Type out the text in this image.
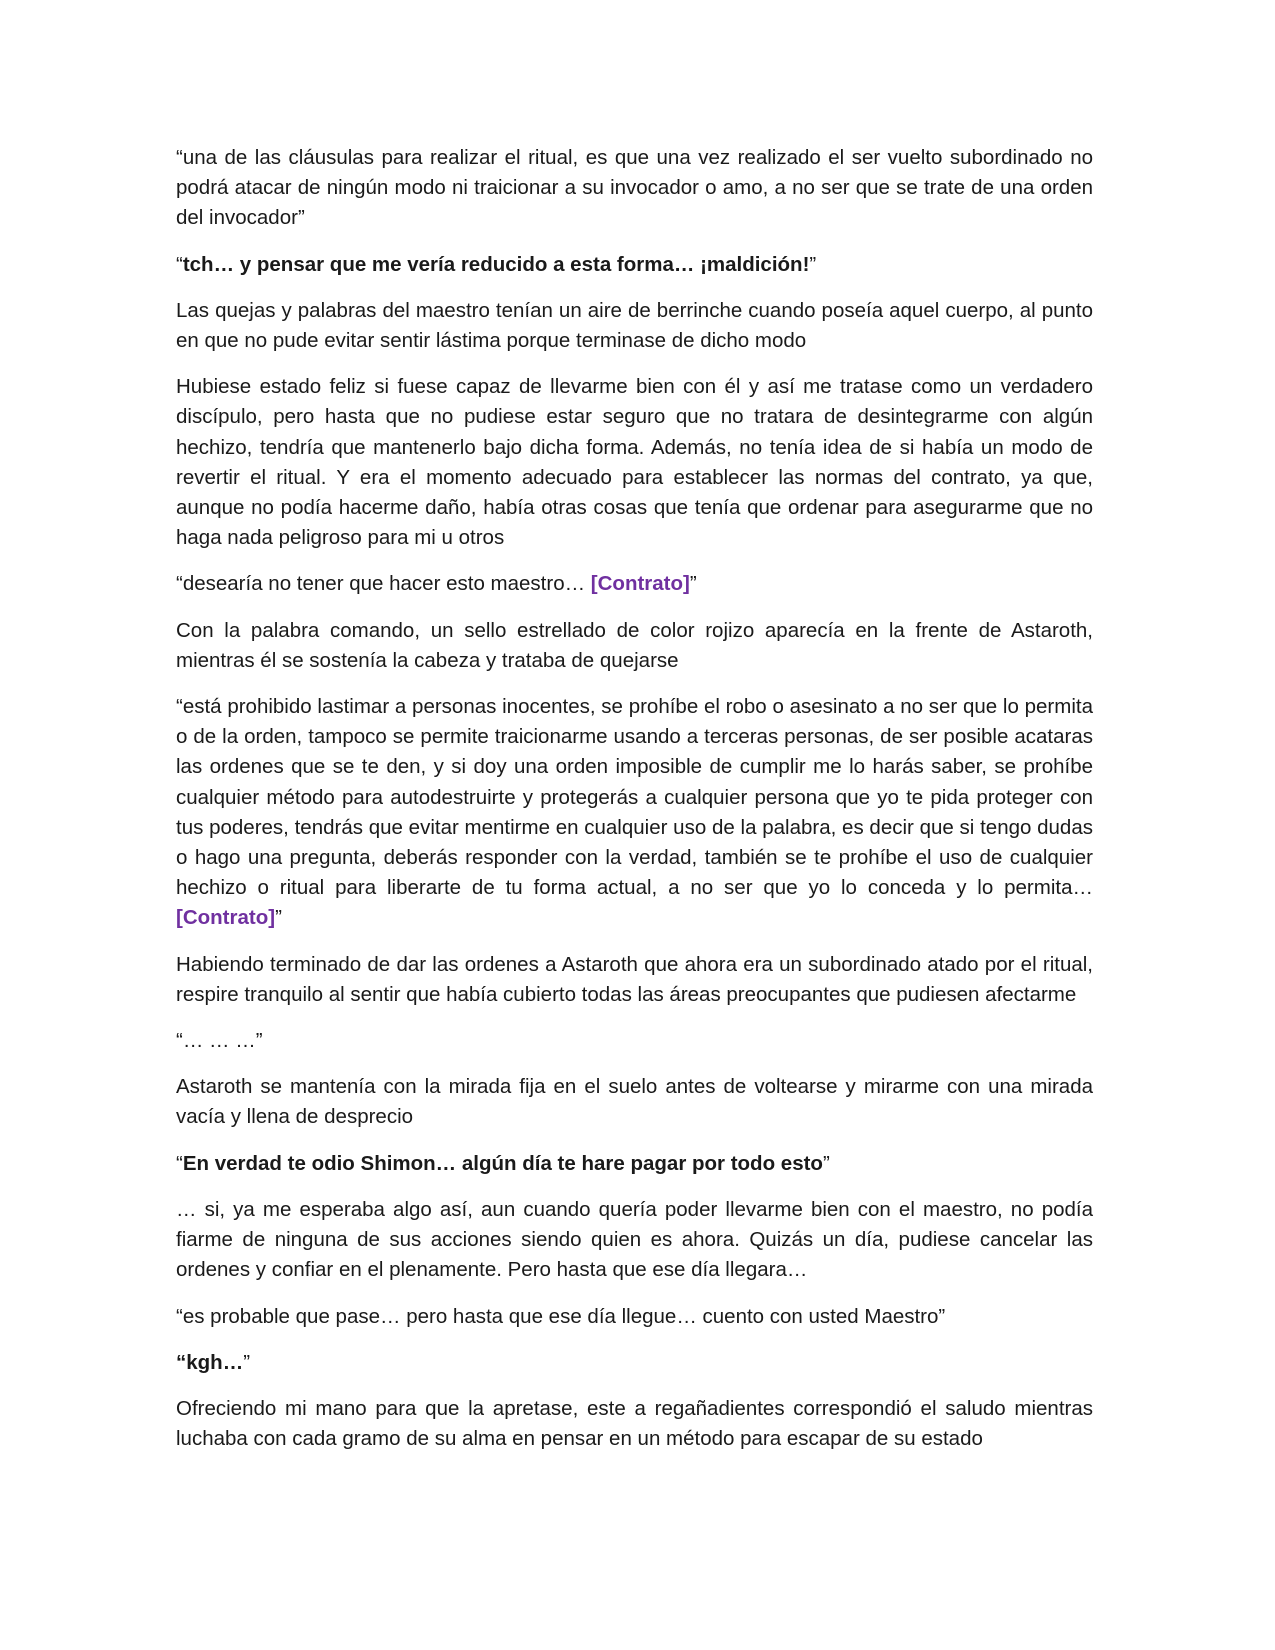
“una de las cláusulas para realizar el ritual, es que una vez realizado el ser vuelto subordinado no podrá atacar de ningún modo ni traicionar a su invocador o amo, a no ser que se trate de una orden del invocador”

“tch… y pensar que me vería reducido a esta forma… ¡maldición!”

Las quejas y palabras del maestro tenían un aire de berrinche cuando poseía aquel cuerpo, al punto en que no pude evitar sentir lástima porque terminase de dicho modo

Hubiese estado feliz si fuese capaz de llevarme bien con él y así me tratase como un verdadero discípulo, pero hasta que no pudiese estar seguro que no tratara de desintegrarme con algún hechizo, tendría que mantenerlo bajo dicha forma. Además, no tenía idea de si había un modo de revertir el ritual. Y era el momento adecuado para establecer las normas del contrato, ya que, aunque no podía hacerme daño, había otras cosas que tenía que ordenar para asegurarme que no haga nada peligroso para mi u otros

“desearía no tener que hacer esto maestro… [Contrato]”

Con la palabra comando, un sello estrellado de color rojizo aparecía en la frente de Astaroth, mientras él se sostenía la cabeza y trataba de quejarse

“está prohibido lastimar a personas inocentes, se prohíbe el robo o asesinato a no ser que lo permita o de la orden, tampoco se permite traicionarme usando a terceras personas, de ser posible acataras las ordenes que se te den, y si doy una orden imposible de cumplir me lo harás saber, se prohíbe cualquier método para autodestruirte y protegerás a cualquier persona que yo te pida proteger con tus poderes, tendrás que evitar mentirme en cualquier uso de la palabra, es decir que si tengo dudas o hago una pregunta, deberás responder con la verdad, también se te prohíbe el uso de cualquier hechizo o ritual para liberarte de tu forma actual, a no ser que yo lo conceda y lo permita… [Contrato]”

Habiendo terminado de dar las ordenes a Astaroth que ahora era un subordinado atado por el ritual, respire tranquilo al sentir que había cubierto todas las áreas preocupantes que pudiesen afectarme

“… … …”

Astaroth se mantenía con la mirada fija en el suelo antes de voltearse y mirarme con una mirada vacía y llena de desprecio

“En verdad te odio Shimon… algún día te hare pagar por todo esto”

… si, ya me esperaba algo así, aun cuando quería poder llevarme bien con el maestro, no podía fiarme de ninguna de sus acciones siendo quien es ahora. Quizás un día, pudiese cancelar las ordenes y confiar en el plenamente. Pero hasta que ese día llegara…

“es probable que pase… pero hasta que ese día llegue… cuento con usted Maestro”

“kgh…”

Ofreciendo mi mano para que la apretase, este a regañadientes correspondió el saludo mientras luchaba con cada gramo de su alma en pensar en un método para escapar de su estado
